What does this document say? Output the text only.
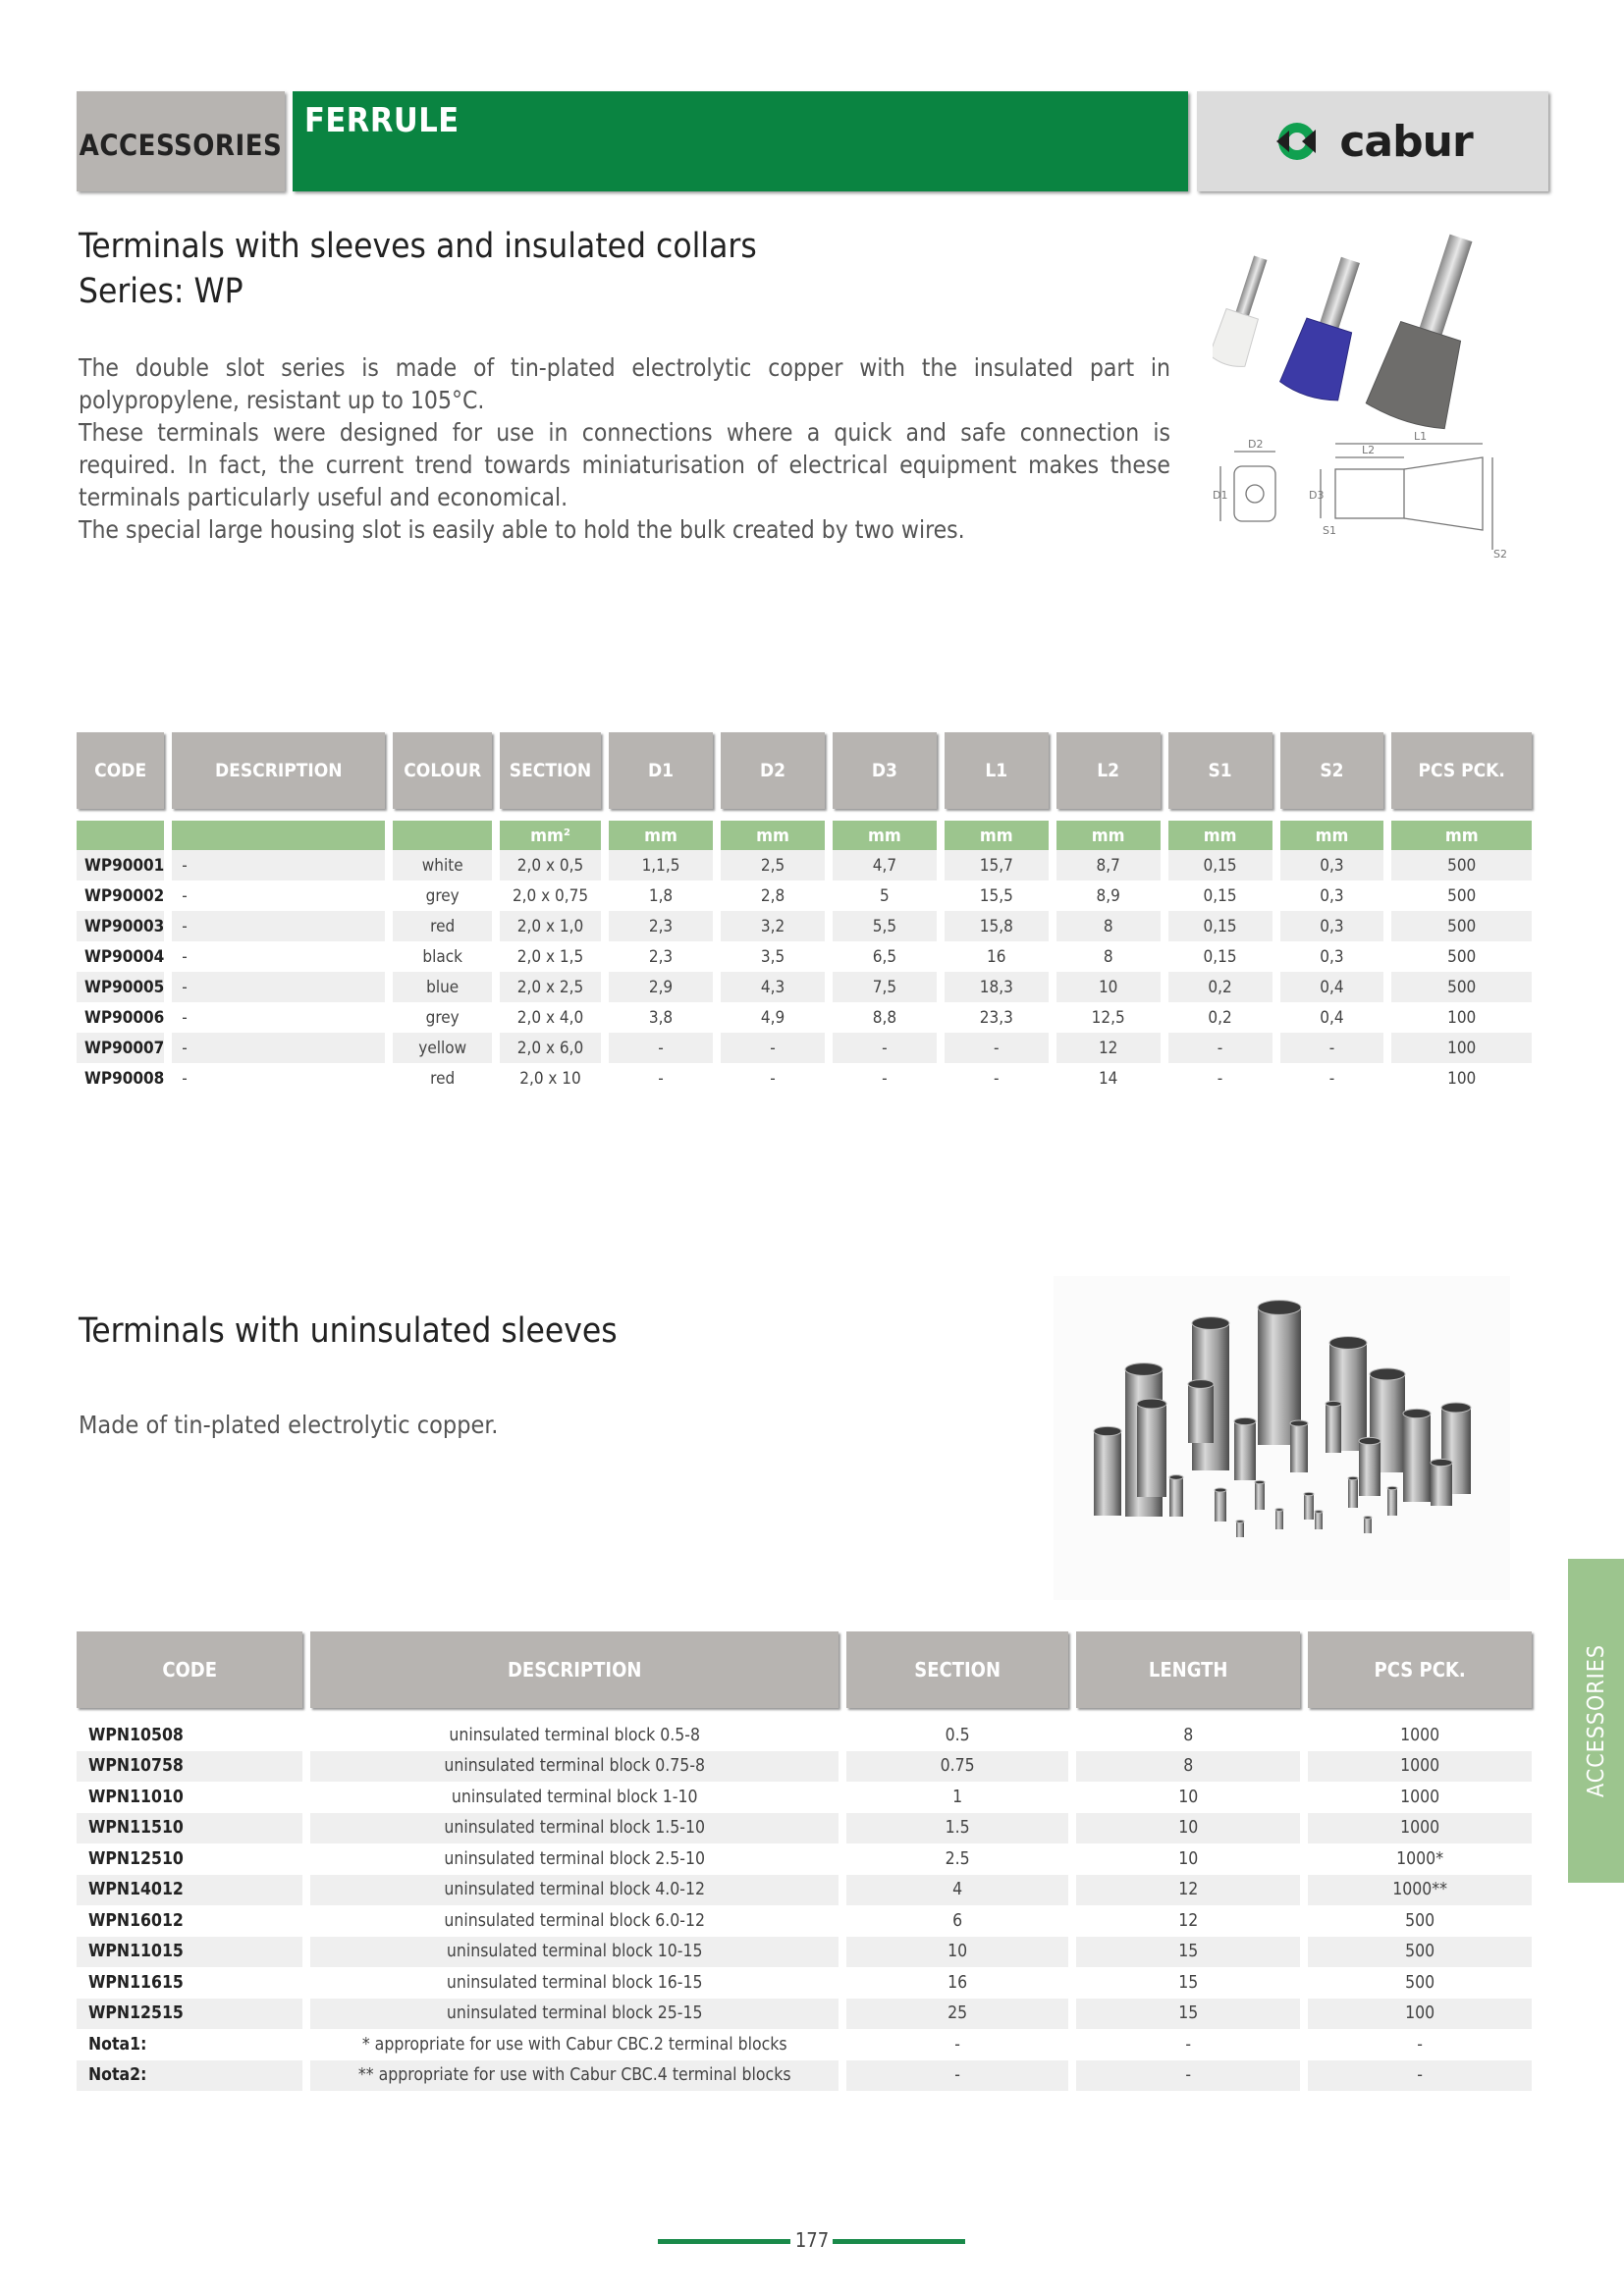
ACCESSORIES
FERRULE	cabur
Terminals with sleeves and insulated collars
Series: WP

The double slot series is made of tin-plated electrolytic copper with the insulated part in polypropylene, resistant up to 105°C.

These terminals were designed for use in connections where a quick and safe connection is required. In fact, the current trend towards miniaturisation of electrical equipment makes these terminals particularly useful and economical.

The special large housing slot is easily able to hold the bulk created by two wires.

D2
D1
L1
L2
S1
S2
D3
CODE	DESCRIPTION	COLOUR	SECTION	D1	D2	D3	L1	L2	S1	S2	PCS PCK.

			mm²	mm	mm	mm	mm	mm	mm	mm	mm
WP90001	-	white	2,0 x 0,5	1,1,5	2,5	4,7	15,7	8,7	0,15	0,3	500
WP90002	-	grey	2,0 x 0,75	1,8	2,8	5	15,5	8,9	0,15	0,3	500
WP90003	-	red	2,0 x 1,0	2,3	3,2	5,5	15,8	8	0,15	0,3	500
WP90004	-	black	2,0 x 1,5	2,3	3,5	6,5	16	8	0,15	0,3	500
WP90005	-	blue	2,0 x 2,5	2,9	4,3	7,5	18,3	10	0,2	0,4	500
WP90006	-	grey	2,0 x 4,0	3,8	4,9	8,8	23,3	12,5	0,2	0,4	100
WP90007	-	yellow	2,0 x 6,0	-	-	-	-	12	-	-	100
WP90008	-	red	2,0 x 10	-	-	-	-	14	-	-	100
Terminals with uninsulated sleeves
Made of tin-plated electrolytic copper.
CODE	DESCRIPTION	SECTION	LENGTH	PCS PCK.

WPN10508	uninsulated terminal block 0.5-8	0.5	8	1000
WPN10758	uninsulated terminal block 0.75-8	0.75	8	1000
WPN11010	uninsulated terminal block 1-10	1	10	1000
WPN11510	uninsulated terminal block 1.5-10	1.5	10	1000
WPN12510	uninsulated terminal block 2.5-10	2.5	10	1000*
WPN14012	uninsulated terminal block 4.0-12	4	12	1000**
WPN16012	uninsulated terminal block 6.0-12	6	12	500
WPN11015	uninsulated terminal block 10-15	10	15	500
WPN11615	uninsulated terminal block 16-15	16	15	500
WPN12515	uninsulated terminal block 25-15	25	15	100
Nota1:	* appropriate for use with Cabur CBC.2 terminal blocks	-	-	-
Nota2:	** appropriate for use with Cabur CBC.4 terminal blocks	-	-	-
ACCESSORIES
177
